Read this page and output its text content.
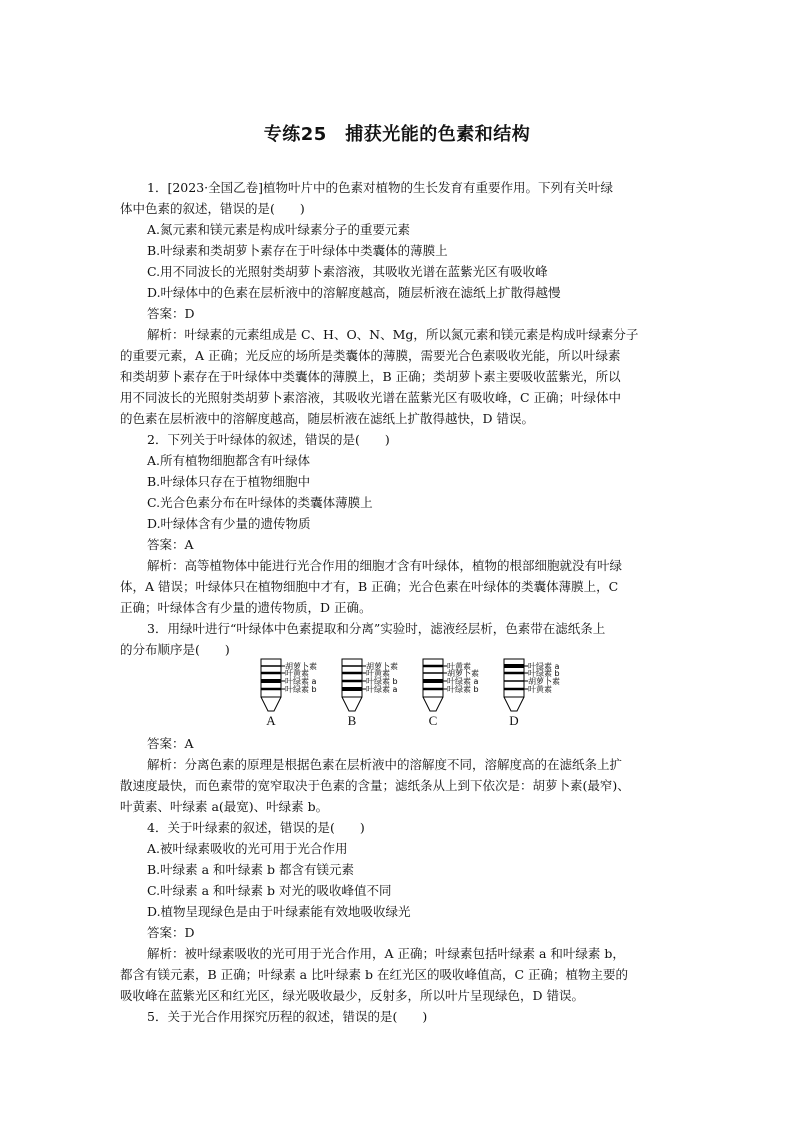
专练25　捕获光能的色素和结构
1．[2023·全国乙卷]植物叶片中的色素对植物的生长发育有重要作用。下列有关叶绿
体中色素的叙述，错误的是(　　)
A.氮元素和镁元素是构成叶绿素分子的重要元素
B.叶绿素和类胡萝卜素存在于叶绿体中类囊体的薄膜上
C.用不同波长的光照射类胡萝卜素溶液，其吸收光谱在蓝紫光区有吸收峰
D.叶绿体中的色素在层析液中的溶解度越高，随层析液在滤纸上扩散得越慢
答案：D
解析：叶绿素的元素组成是 C、H、O、N、Mg，所以氮元素和镁元素是构成叶绿素分子
的重要元素，A 正确；光反应的场所是类囊体的薄膜，需要光合色素吸收光能，所以叶绿素
和类胡萝卜素存在于叶绿体中类囊体的薄膜上，B 正确；类胡萝卜素主要吸收蓝紫光，所以
用不同波长的光照射类胡萝卜素溶液，其吸收光谱在蓝紫光区有吸收峰，C 正确；叶绿体中
的色素在层析液中的溶解度越高，随层析液在滤纸上扩散得越快，D 错误。
2．下列关于叶绿体的叙述，错误的是(　　)
A.所有植物细胞都含有叶绿体
B.叶绿体只存在于植物细胞中
C.光合色素分布在叶绿体的类囊体薄膜上
D.叶绿体含有少量的遗传物质
答案：A
解析：高等植物体中能进行光合作用的细胞才含有叶绿体，植物的根部细胞就没有叶绿
体，A 错误；叶绿体只在植物细胞中才有，B 正确；光合色素在叶绿体的类囊体薄膜上，C
正确；叶绿体含有少量的遗传物质，D 正确。
3．用绿叶进行“叶绿体中色素提取和分离”实验时，滤液经层析，色素带在滤纸条上
的分布顺序是(　　)
胡萝卜素
叶黄素
叶绿素 a
叶绿素 b
A
胡萝卜素
叶黄素
叶绿素 b
叶绿素 a
B
叶黄素
胡萝卜素
叶绿素 a
叶绿素 b
C
叶绿素 a
叶绿素 b
胡萝卜素
叶黄素
D
答案：A
解析：分离色素的原理是根据色素在层析液中的溶解度不同，溶解度高的在滤纸条上扩
散速度最快，而色素带的宽窄取决于色素的含量；滤纸条从上到下依次是：胡萝卜素(最窄)、
叶黄素、叶绿素 a(最宽)、叶绿素 b。
4．关于叶绿素的叙述，错误的是(　　)
A.被叶绿素吸收的光可用于光合作用
B.叶绿素 a 和叶绿素 b 都含有镁元素
C.叶绿素 a 和叶绿素 b 对光的吸收峰值不同
D.植物呈现绿色是由于叶绿素能有效地吸收绿光
答案：D
解析：被叶绿素吸收的光可用于光合作用，A 正确；叶绿素包括叶绿素 a 和叶绿素 b，
都含有镁元素，B 正确；叶绿素 a 比叶绿素 b 在红光区的吸收峰值高，C 正确；植物主要的
吸收峰在蓝紫光区和红光区，绿光吸收最少，反射多，所以叶片呈现绿色，D 错误。
5．关于光合作用探究历程的叙述，错误的是(　　)
